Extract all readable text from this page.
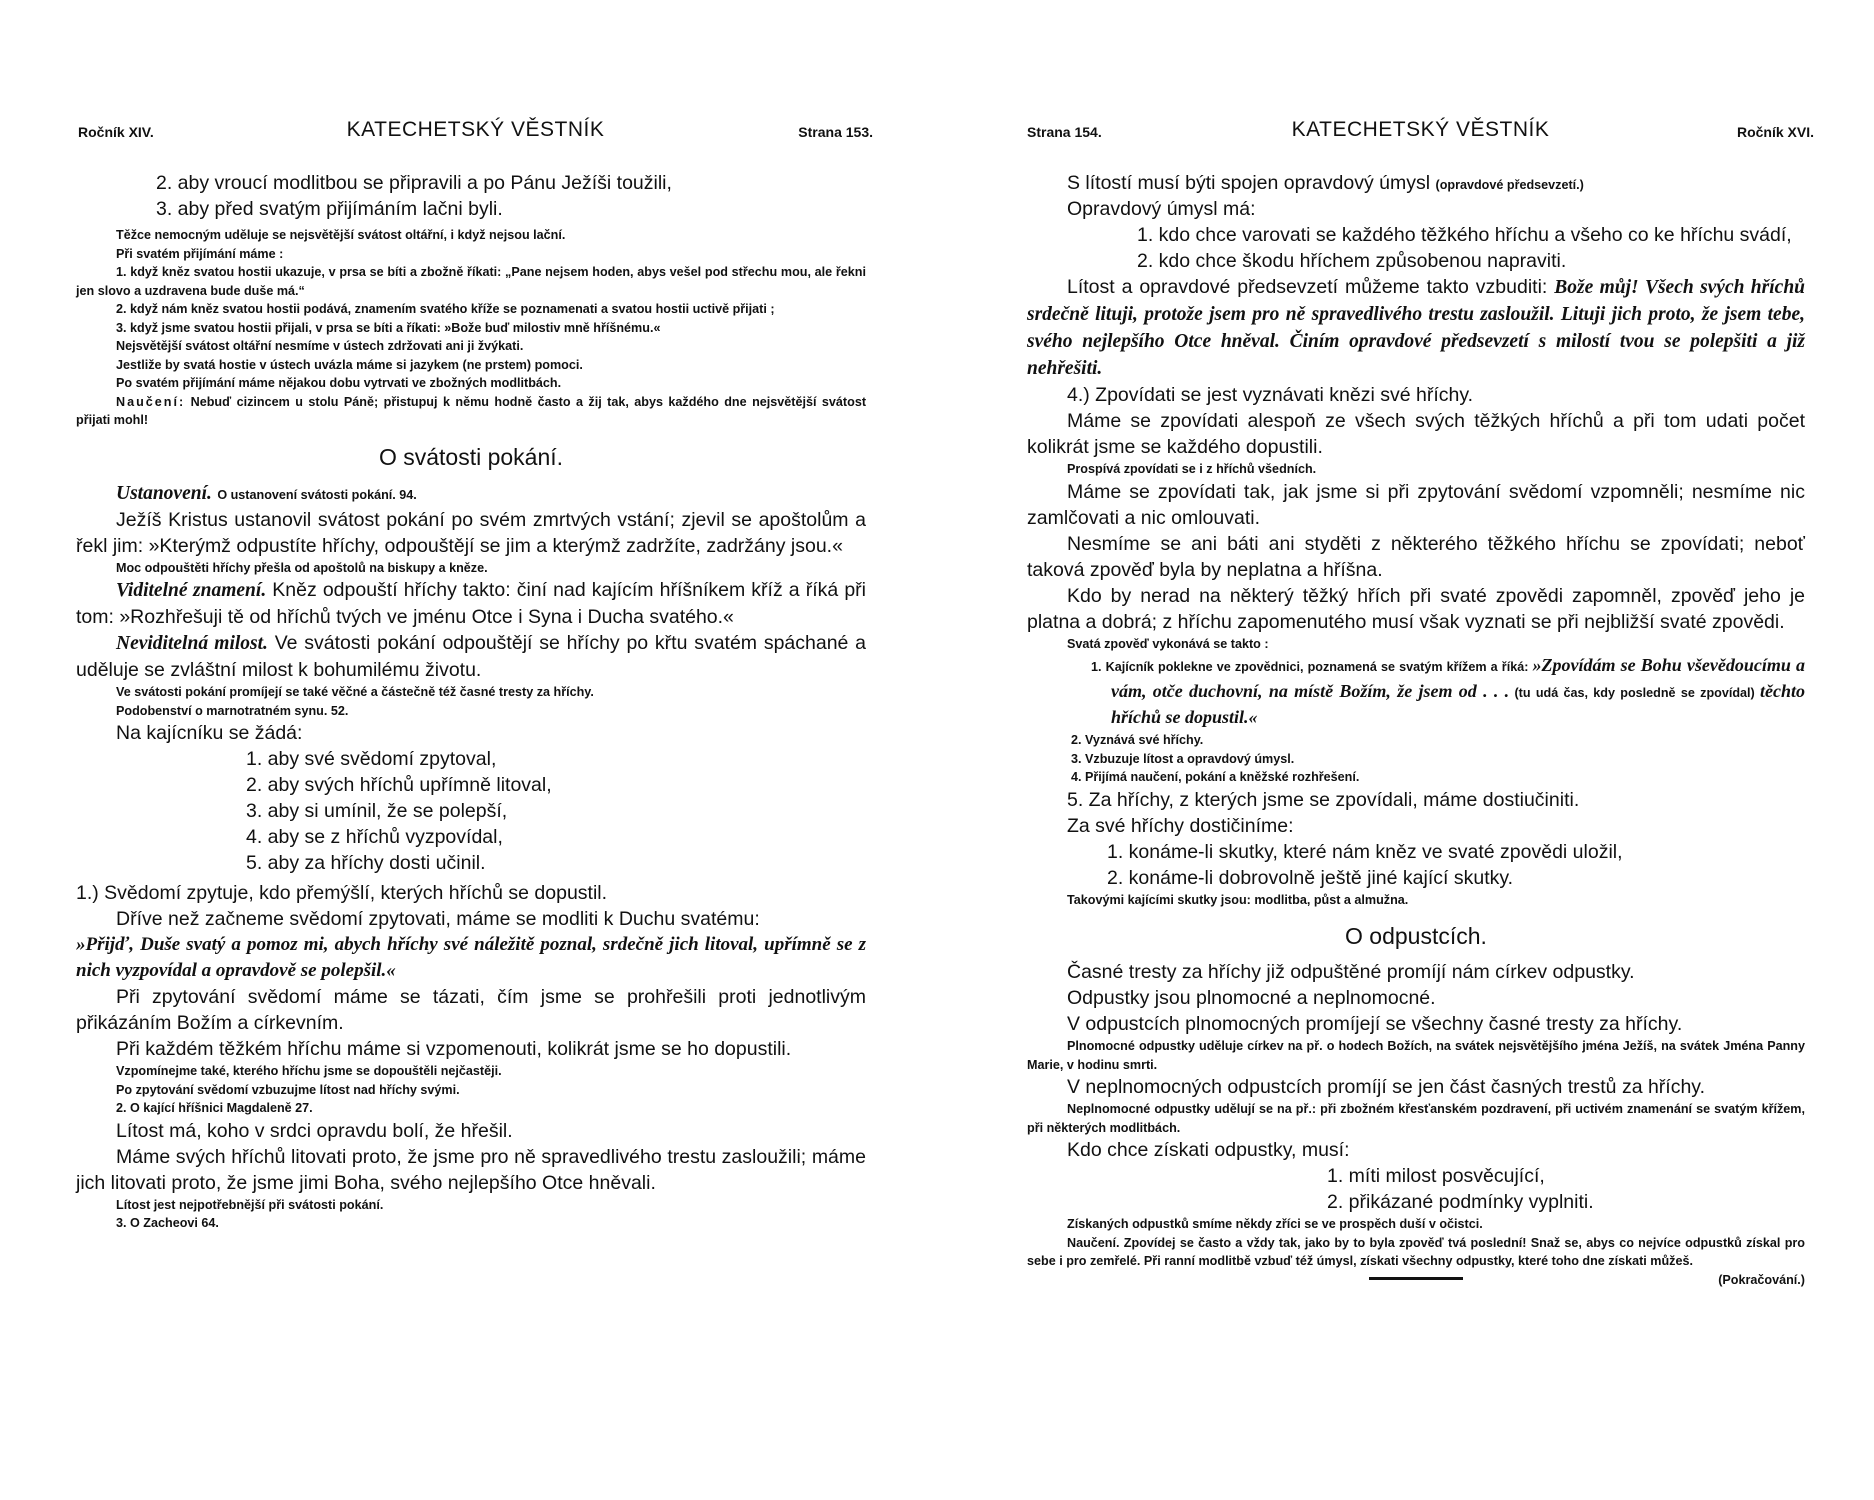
Ročník XIV.	KATECHETSKÝ VĚSTNÍK	Strana 153.

2. aby vroucí modlitbou se připravili a po Pánu Ježíši toužili,

3. aby před svatým přijímáním lačni byli.

Těžce nemocným uděluje se nejsvětější svátost oltářní, i když nejsou lační.

Při svatém přijímání máme :

1. když kněz svatou hostii ukazuje, v prsa se bíti a zbožně říkati: „Pane nejsem hoden, abys vešel pod střechu mou, ale řekni jen slovo a uzdravena bude duše má.“

2. když nám kněz svatou hostii podává, znamením svatého kříže se poznamenati a svatou hostii uctivě přijati ;

3. když jsme svatou hostii přijali, v prsa se bíti a říkati: »Bože buď milostiv mně hříšnému.«

Nejsvětější svátost oltářní nesmíme v ústech zdržovati ani ji žvýkati.

Jestliže by svatá hostie v ústech uvázla máme si jazykem (ne prstem) pomoci.

Po svatém přijímání máme nějakou dobu vytrvati ve zbožných modlitbách.

Naučení: Nebuď cizincem u stolu Páně; přistupuj k němu hodně často a žij tak, abys každého dne nejsvětější svátost přijati mohl!

O svátosti pokání.

Ustanovení. O ustanovení svátosti pokání. 94.

Ježíš Kristus ustanovil svátost pokání po svém zmrtvých vstání; zjevil se apoštolům a řekl jim: »Kterýmž odpustíte hříchy, odpouštějí se jim a kterýmž zadržíte, zadržány jsou.«

Moc odpouštěti hříchy přešla od apoštolů na biskupy a kněze.

Viditelné znamení. Kněz odpouští hříchy takto: činí nad kajícím hříšníkem kříž a říká při tom: »Rozhřešuji tě od hříchů tvých ve jménu Otce i Syna i Ducha svatého.«

Neviditelná milost. Ve svátosti pokání odpouštějí se hříchy po křtu svatém spáchané a uděluje se zvláštní milost k bohumilému životu.

Ve svátosti pokání promíjejí se také věčné a částečně též časné tresty za hříchy.

Podobenství o marnotratném synu. 52.

Na kajícníku se žádá:

1. aby své svědomí zpytoval,

2. aby svých hříchů upřímně litoval,

3. aby si umínil, že se polepší,

4. aby se z hříchů vyzpovídal,

5. aby za hříchy dosti učinil.

1.) Svědomí zpytuje, kdo přemýšlí, kterých hříchů se dopustil.

Dříve než začneme svědomí zpytovati, máme se modliti k Duchu svatému:

»Přijď, Duše svatý a pomoz mi, abych hříchy své náležitě poznal, srdečně jich litoval, upřímně se z nich vyzpovídal a opravdově se polepšil.«

Při zpytování svědomí máme se tázati, čím jsme se prohřešili proti jednotlivým přikázáním Božím a církevním.

Při každém těžkém hříchu máme si vzpomenouti, kolikrát jsme se ho dopustili.

Vzpomínejme také, kterého hříchu jsme se dopouštěli nejčastěji.

Po zpytování svědomí vzbuzujme lítost nad hříchy svými.

2. O kající hříšnici Magdaleně 27.

Lítost má, koho v srdci opravdu bolí, že hřešil.

Máme svých hříchů litovati proto, že jsme pro ně spravedlivého trestu zasloužili; máme jich litovati proto, že jsme jimi Boha, svého nejlepšího Otce hněvali.

Lítost jest nejpotřebnější při svátosti pokání.

3. O Zacheovi 64.

Strana 154.	KATECHETSKÝ VĚSTNÍK	Ročník XVI.

S lítostí musí býti spojen opravdový úmysl (opravdové předsevzetí.)

Opravdový úmysl má:

1. kdo chce varovati se každého těžkého hříchu a všeho co ke hříchu svádí,

2. kdo chce škodu hříchem způsobenou napraviti.

Lítost a opravdové předsevzetí můžeme takto vzbuditi: Bože můj! Všech svých hříchů srdečně lituji, protože jsem pro ně spravedlivého trestu zasloužil. Lituji jich proto, že jsem tebe, svého nejlepšího Otce hněval. Činím opravdové předsevzetí s milostí tvou se polepšiti a již nehřešiti.

4.) Zpovídati se jest vyznávati knězi své hříchy.

Máme se zpovídati alespoň ze všech svých těžkých hříchů a při tom udati počet kolikrát jsme se každého dopustili.

Prospívá zpovídati se i z hříchů všedních.

Máme se zpovídati tak, jak jsme si při zpytování svědomí vzpomněli; nesmíme nic zamlčovati a nic omlouvati.

Nesmíme se ani báti ani styděti z některého těžkého hříchu se zpovídati; neboť taková zpověď byla by neplatna a hříšna.

Kdo by nerad na některý těžký hřích při svaté zpovědi zapomněl, zpověď jeho je platna a dobrá; z hříchu zapomenutého musí však vyznati se při nejbližší svaté zpovědi.

Svatá zpověď vykonává se takto :

1. Kajícník poklekne ve zpovědnici, poznamená se svatým křížem a říká: »Zpovídám se Bohu vševědoucímu a vám, otče duchovní, na místě Božím, že jsem od . . . (tu udá čas, kdy posledně se zpovídal) těchto hříchů se dopustil.«

2. Vyznává své hříchy.

3. Vzbuzuje lítost a opravdový úmysl.

4. Přijímá naučení, pokání a kněžské rozhřešení.

5. Za hříchy, z kterých jsme se zpovídali, máme dostiučiniti.

Za své hříchy dostičiníme:

1. konáme-li skutky, které nám kněz ve svaté zpovědi uložil,

2. konáme-li dobrovolně ještě jiné kající skutky.

Takovými kajícími skutky jsou: modlitba, půst a almužna.

O odpustcích.

Časné tresty za hříchy již odpuštěné promíjí nám církev odpustky.

Odpustky jsou plnomocné a neplnomocné.

V odpustcích plnomocných promíjejí se všechny časné tresty za hříchy.

Plnomocné odpustky uděluje církev na př. o hodech Božích, na svátek nejsvětějšího jména Ježíš, na svátek Jména Panny Marie, v hodinu smrti.

V neplnomocných odpustcích promíjí se jen část časných trestů za hříchy.

Neplnomocné odpustky udělují se na př.: při zbožném křesťanském pozdravení, při uctivém znamenání se svatým křížem, při některých modlitbách.

Kdo chce získati odpustky, musí:

1. míti milost posvěcující,

2. přikázané podmínky vyplniti.

Získaných odpustků smíme někdy zříci se ve prospěch duší v očistci.

Naučení. Zpovídej se často a vždy tak, jako by to byla zpověď tvá poslední! Snaž se, abys co nejvíce odpustků získal pro sebe i pro zemřelé. Při ranní modlitbě vzbuď též úmysl, získati všechny odpustky, které toho dne získati můžeš.
(Pokračování.)
